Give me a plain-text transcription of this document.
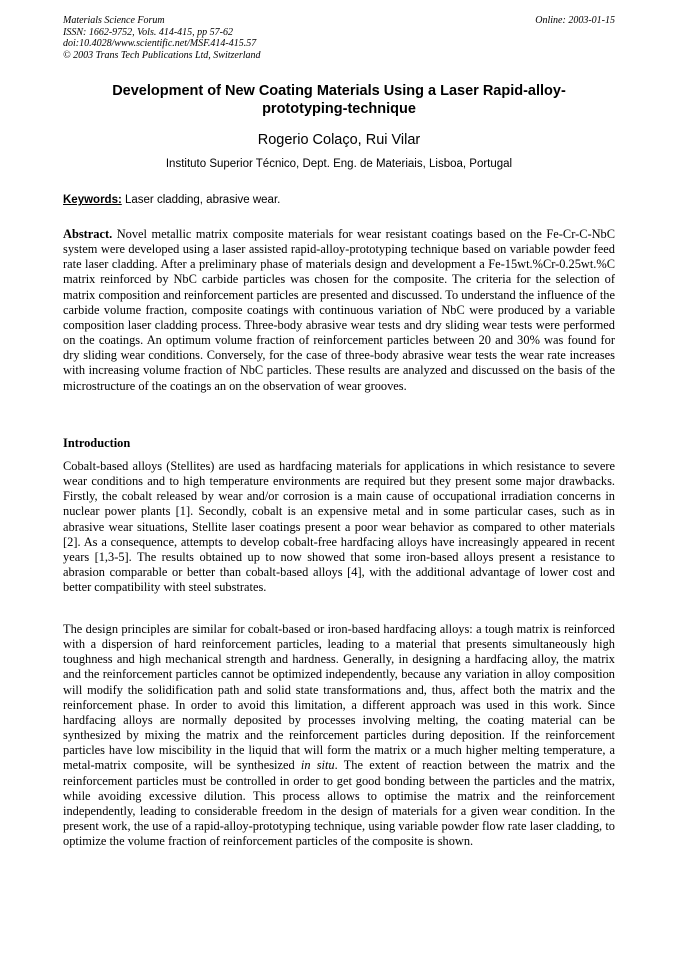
Materials Science Forum
ISSN: 1662-9752, Vols. 414-415, pp 57-62
doi:10.4028/www.scientific.net/MSF.414-415.57
© 2003 Trans Tech Publications Ltd, Switzerland
Online: 2003-01-15
Development of New Coating Materials Using a Laser Rapid-alloy-prototyping-technique
Rogerio Colaço, Rui Vilar
Instituto Superior Técnico, Dept. Eng. de Materiais, Lisboa, Portugal
Keywords: Laser cladding, abrasive wear.

Abstract. Novel metallic matrix composite materials for wear resistant coatings based on the Fe-Cr-C-NbC system were developed using a laser assisted rapid-alloy-prototyping technique based on variable powder feed rate laser cladding. After a preliminary phase of materials design and development a Fe-15wt.%Cr-0.25wt.%C matrix reinforced by NbC carbide particles was chosen for the composite. The criteria for the selection of matrix composition and reinforcement particles are presented and discussed. To understand the influence of the carbide volume fraction, composite coatings with continuous variation of NbC were produced by a variable composition laser cladding process. Three-body abrasive wear tests and dry sliding wear tests were performed on the coatings. An optimum volume fraction of reinforcement particles between 20 and 30% was found for dry sliding wear conditions. Conversely, for the case of three-body abrasive wear tests the wear rate increases with increasing volume fraction of NbC particles. These results are analyzed and discussed on the basis of the microstructure of the coatings an on the observation of wear grooves.

Introduction

Cobalt-based alloys (Stellites) are used as hardfacing materials for applications in which resistance to severe wear conditions and to high temperature environments are required but they present some major drawbacks. Firstly, the cobalt released by wear and/or corrosion is a main cause of occupational irradiation concerns in nuclear power plants [1]. Secondly, cobalt is an expensive metal and in some particular cases, such as in abrasive wear situations, Stellite laser coatings present a poor wear behavior as compared to other materials [2]. As a consequence, attempts to develop cobalt-free hardfacing alloys have increasingly appeared in recent years [1,3-5]. The results obtained up to now showed that some iron-based alloys present a resistance to abrasion comparable or better than cobalt-based alloys [4], with the additional advantage of lower cost and better compatibility with steel substrates.

The design principles are similar for cobalt-based or iron-based hardfacing alloys: a tough matrix is reinforced with a dispersion of hard reinforcement particles, leading to a material that presents simultaneously high toughness and high mechanical strength and hardness. Generally, in designing a hardfacing alloy, the matrix and the reinforcement particles cannot be optimized independently, because any variation in alloy composition will modify the solidification path and solid state transformations and, thus, affect both the matrix and the reinforcement phase. In order to avoid this limitation, a different approach was used in this work. Since hardfacing alloys are normally deposited by processes involving melting, the coating material can be synthesized by mixing the matrix and the reinforcement particles during deposition. If the reinforcement particles have low miscibility in the liquid that will form the matrix or a much higher melting temperature, a metal-matrix composite, will be synthesized in situ. The extent of reaction between the matrix and the reinforcement particles must be controlled in order to get good bonding between the particles and the matrix, while avoiding excessive dilution. This process allows to optimise the matrix and the reinforcement independently, leading to considerable freedom in the design of materials for a given wear condition. In the present work, the use of a rapid-alloy-prototyping technique, using variable powder flow rate laser cladding, to optimize the volume fraction of reinforcement particles of the composite is shown.
